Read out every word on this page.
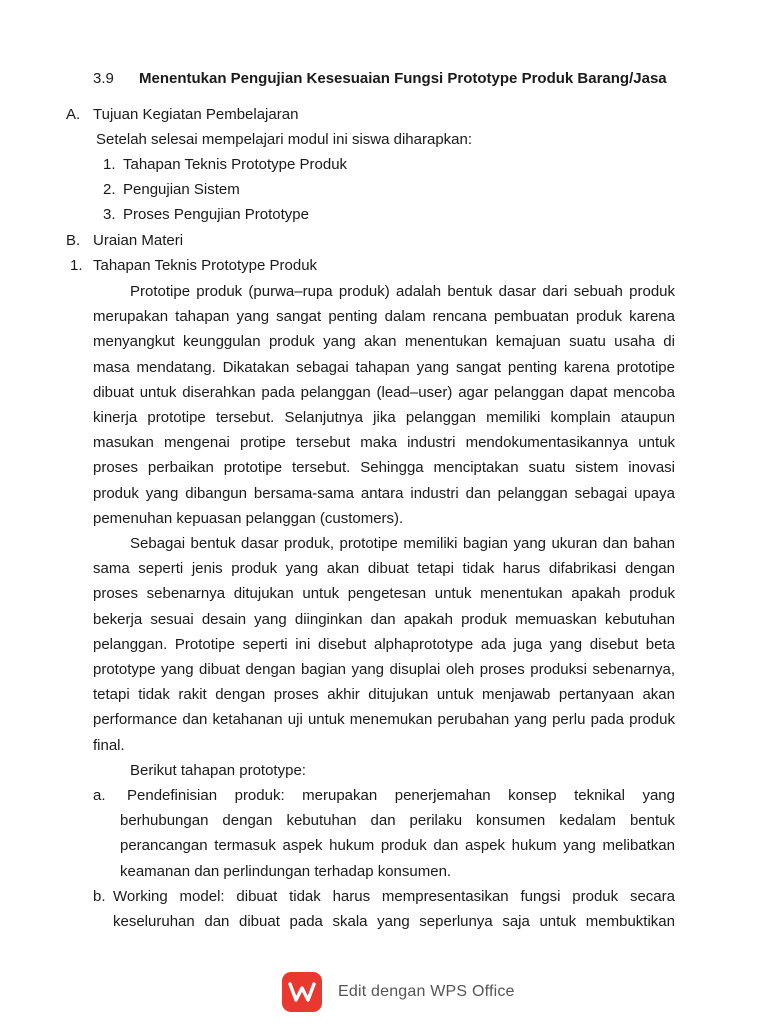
3.9 Menentukan Pengujian Kesesuaian Fungsi Prototype Produk Barang/Jasa
A. Tujuan Kegiatan Pembelajaran
Setelah selesai mempelajari modul ini siswa diharapkan:
1. Tahapan Teknis Prototype Produk
2. Pengujian Sistem
3. Proses Pengujian Prototype
B. Uraian Materi
1. Tahapan Teknis Prototype Produk
Prototipe produk (purwa–rupa produk) adalah bentuk dasar dari sebuah produk merupakan tahapan yang sangat penting dalam rencana pembuatan produk karena menyangkut keunggulan produk yang akan menentukan kemajuan suatu usaha di masa mendatang. Dikatakan sebagai tahapan yang sangat penting karena prototipe dibuat untuk diserahkan pada pelanggan (lead–user) agar pelanggan dapat mencoba kinerja prototipe tersebut. Selanjutnya jika pelanggan memiliki komplain ataupun masukan mengenai protipe tersebut maka industri mendokumentasikannya untuk proses perbaikan prototipe tersebut. Sehingga menciptakan suatu sistem inovasi produk yang dibangun bersama-sama antara industri dan pelanggan sebagai upaya pemenuhan kepuasan pelanggan (customers).
Sebagai bentuk dasar produk, prototipe memiliki bagian yang ukuran dan bahan sama seperti jenis produk yang akan dibuat tetapi tidak harus difabrikasi dengan proses sebenarnya ditujukan untuk pengetesan untuk menentukan apakah produk bekerja sesuai desain yang diinginkan dan apakah produk memuaskan kebutuhan pelanggan. Prototipe seperti ini disebut alphaprototype ada juga yang disebut beta prototype yang dibuat dengan bagian yang disuplai oleh proses produksi sebenarnya, tetapi tidak rakit dengan proses akhir ditujukan untuk menjawab pertanyaan akan performance dan ketahanan uji untuk menemukan perubahan yang perlu pada produk final.
Berikut tahapan prototype:
a.	Pendefinisian produk: merupakan penerjemahan konsep teknikal yang berhubungan dengan kebutuhan dan perilaku konsumen kedalam bentuk perancangan termasuk aspek hukum produk dan aspek hukum yang melibatkan keamanan dan perlindungan terhadap konsumen.
b. Working model: dibuat tidak harus mempresentasikan fungsi produk secara keseluruhan dan dibuat pada skala yang seperlunya saja untuk membuktikan
Edit dengan WPS Office
